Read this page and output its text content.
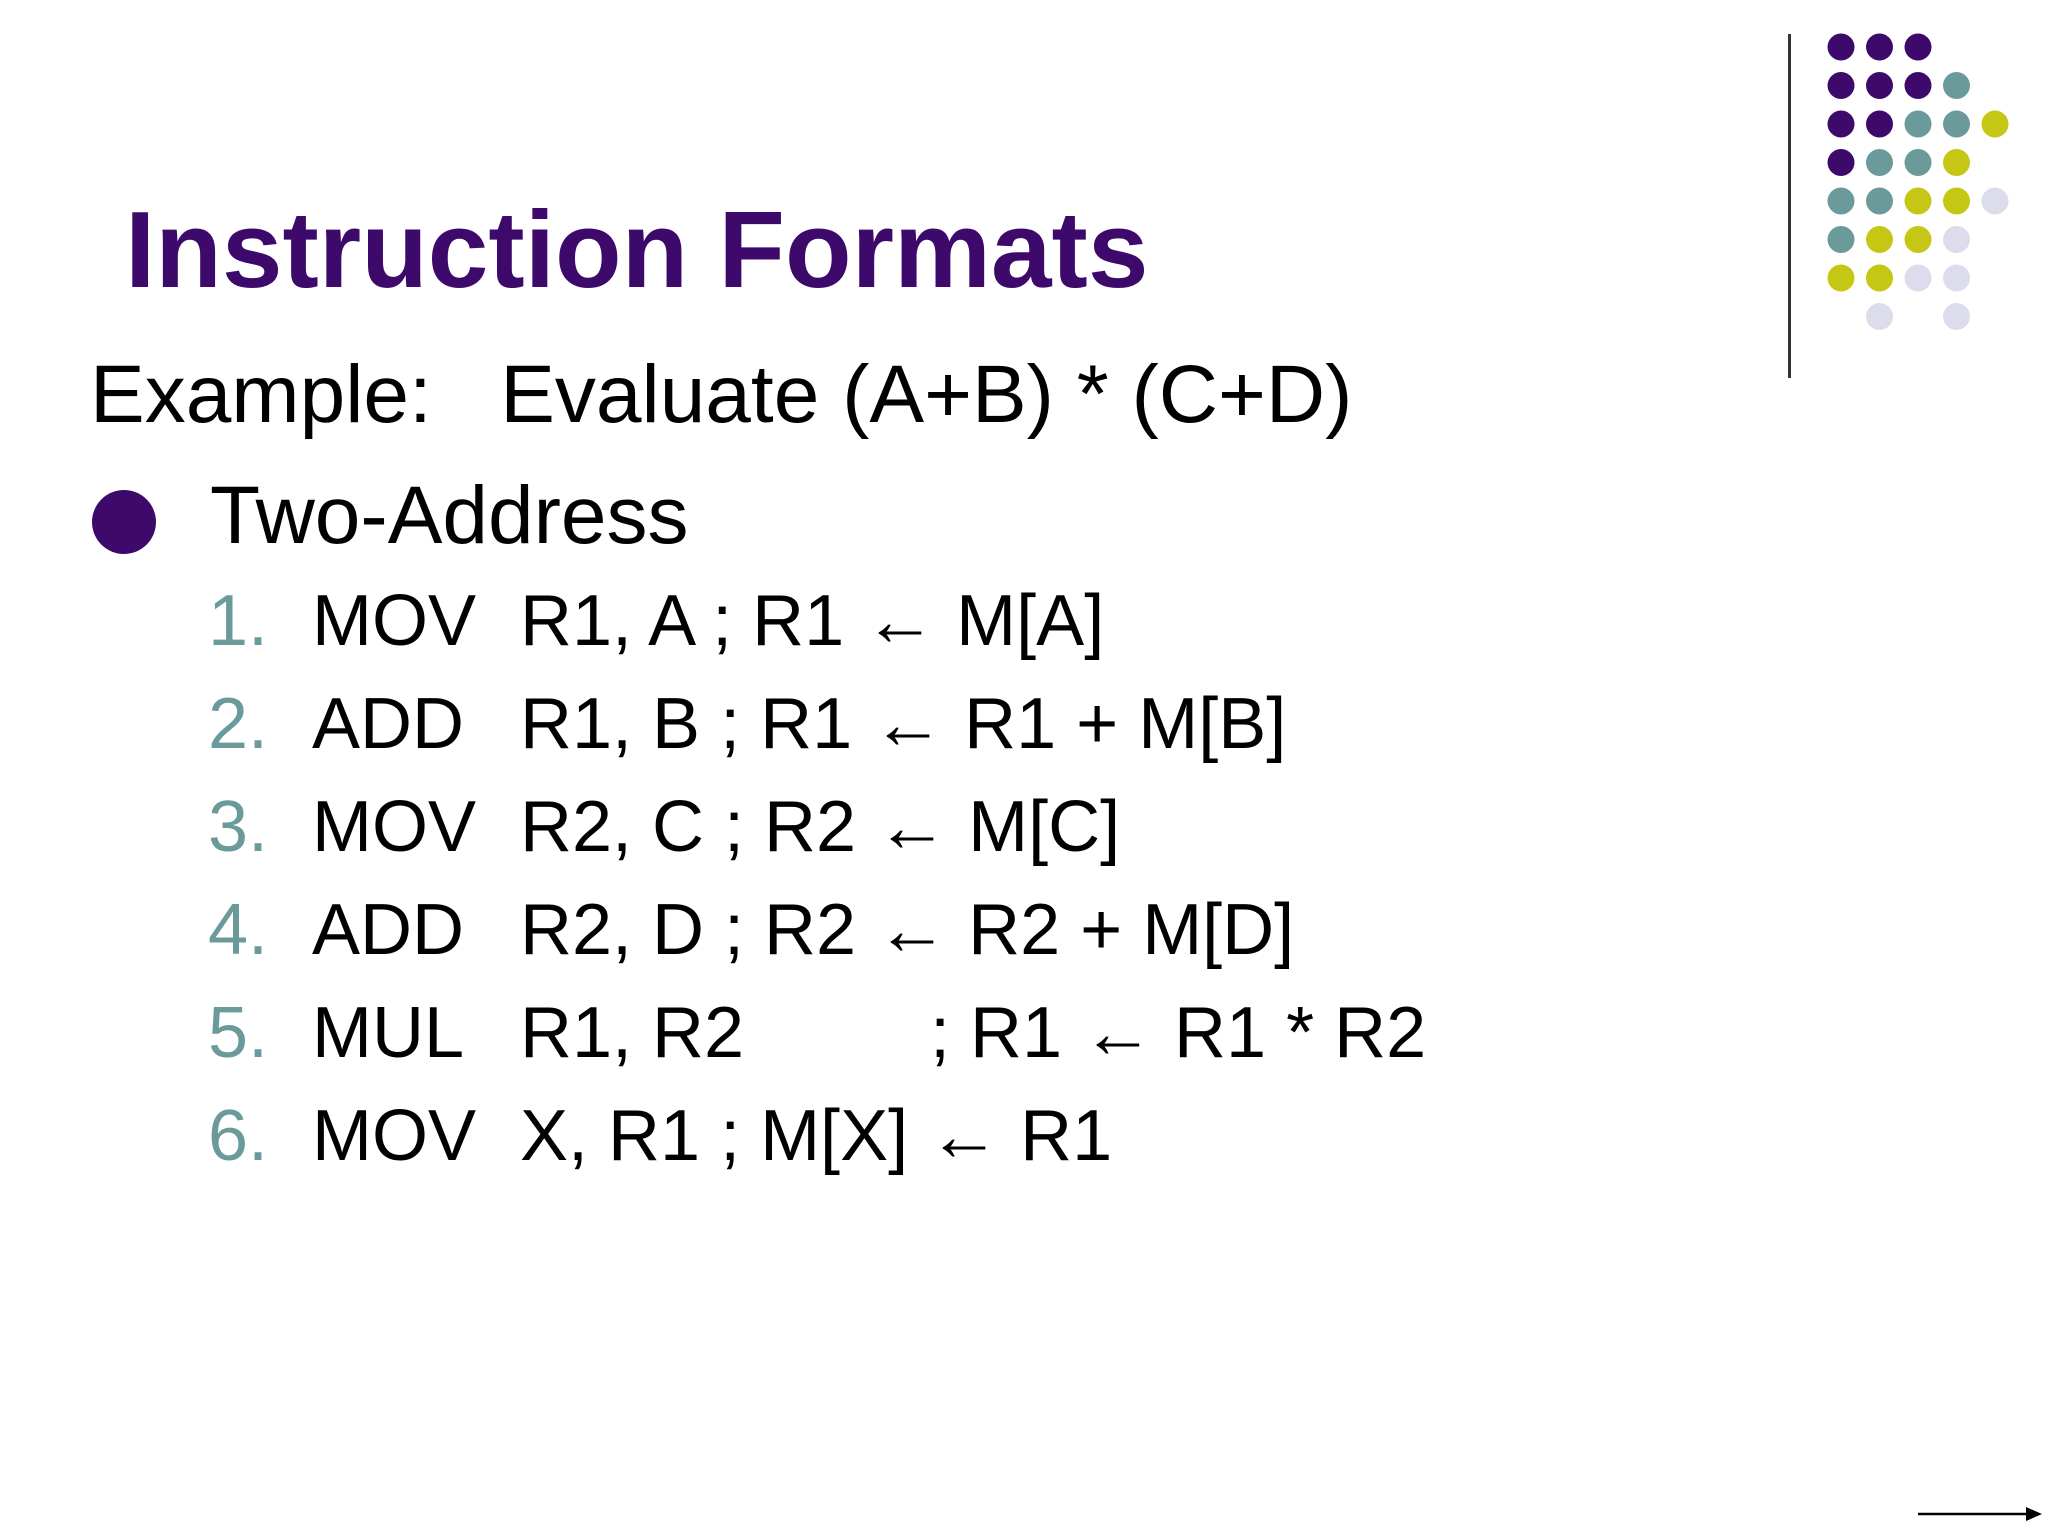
Instruction Formats
Example: Evaluate (A+B) * (C+D)
Two-Address
1. MOV R1, A ; R1 ← M[A]
2. ADD R1, B ; R1 ← R1 + M[B]
3. MOV R2, C ; R2 ← M[C]
4. ADD R2, D ; R2 ← R2 + M[D]
5. MUL R1, R2	; R1 ← R1 * R2
6. MOV X, R1 ; M[X] ← R1
